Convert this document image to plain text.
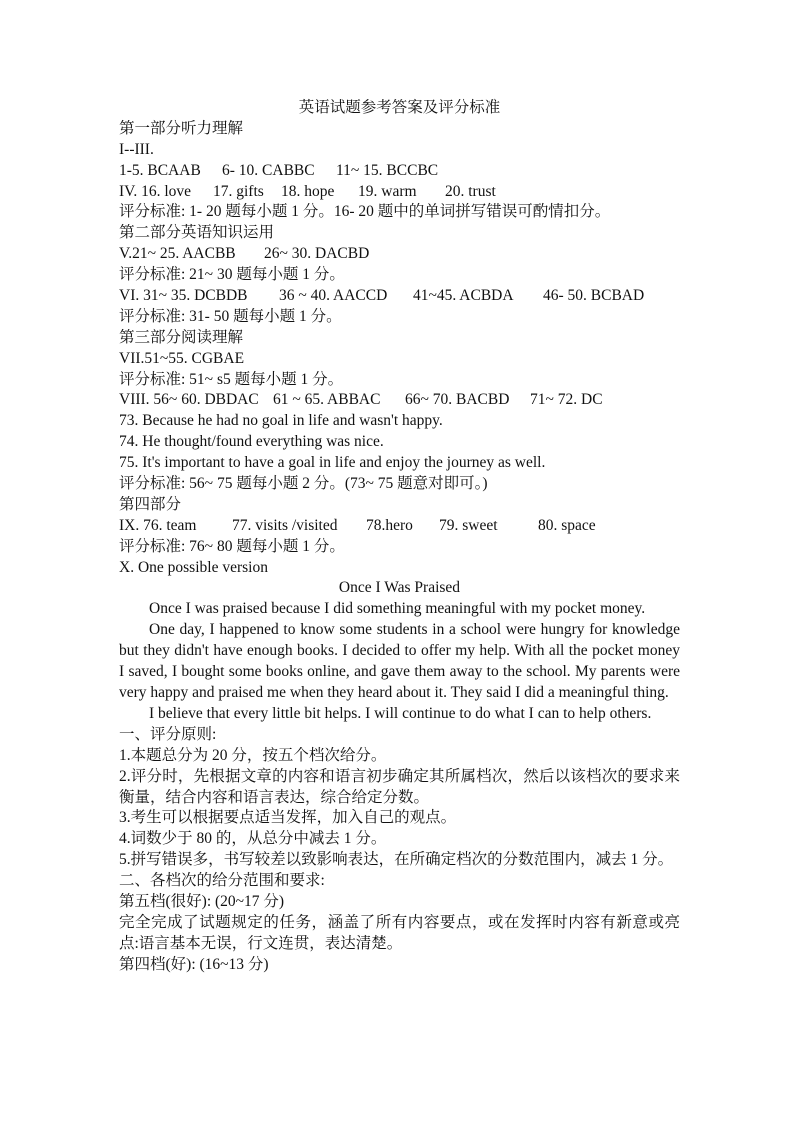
英语试题参考答案及评分标准
第一部分听力理解
I--III.
1-5. BCAAB 6- 10. CABBC 11~ 15. BCCBC
IV. 16. love 17. gifts 18. hope 19. warm 20. trust
评分标准: 1- 20 题每小题 1 分。16- 20 题中的单词拼写错误可酌情扣分。
第二部分英语知识运用
V.21~ 25. AACBB 26~ 30. DACBD
评分标准: 21~ 30 题每小题 1 分。
VI. 31~ 35. DCBDB 36 ~ 40. AACCD 41~45. ACBDA 46- 50. BCBAD
评分标准: 31- 50 题每小题 1 分。
第三部分阅读理解
VII.51~55. CGBAE
评分标准: 51~ s5 题每小题 1 分。
VIII. 56~ 60. DBDAC 61 ~ 65. ABBAC 66~ 70. BACBD 71~ 72. DC
73. Because he had no goal in life and wasn't happy.
74. He thought/found everything was nice.
75. It's important to have a goal in life and enjoy the journey as well.
评分标准: 56~ 75 题每小题 2 分。(73~ 75 题意对即可。)
第四部分
IX. 76. team 77. visits /visited 78.hero 79. sweet	80. space
评分标准: 76~ 80 题每小题 1 分。
X. One possible version
Once I Was Praised
Once I was praised because I did something meaningful with my pocket money.
One day, I happened to know some students in a school were hungry for knowledge but they didn't have enough books. I decided to offer my help. With all the pocket money I saved, I bought some books online, and gave them away to the school. My parents were very happy and praised me when they heard about it. They said I did a meaningful thing.
I believe that every little bit helps. I will continue to do what I can to help others.
一、评分原则:
1.本题总分为 20 分，按五个档次给分。
2.评分时，先根据文章的内容和语言初步确定其所属档次，然后以该档次的要求来衡量，结合内容和语言表达，综合给定分数。
3.考生可以根据要点适当发挥，加入自己的观点。
4.词数少于 80 的，从总分中减去 1 分。
5.拼写错误多，书写较差以致影响表达，在所确定档次的分数范围内，减去 1 分。
二、各档次的给分范围和要求:
第五档(很好): (20~17 分)
完全完成了试题规定的任务，涵盖了所有内容要点，或在发挥时内容有新意或亮点:语言基本无误，行文连贯，表达清楚。
第四档(好): (16~13 分)
